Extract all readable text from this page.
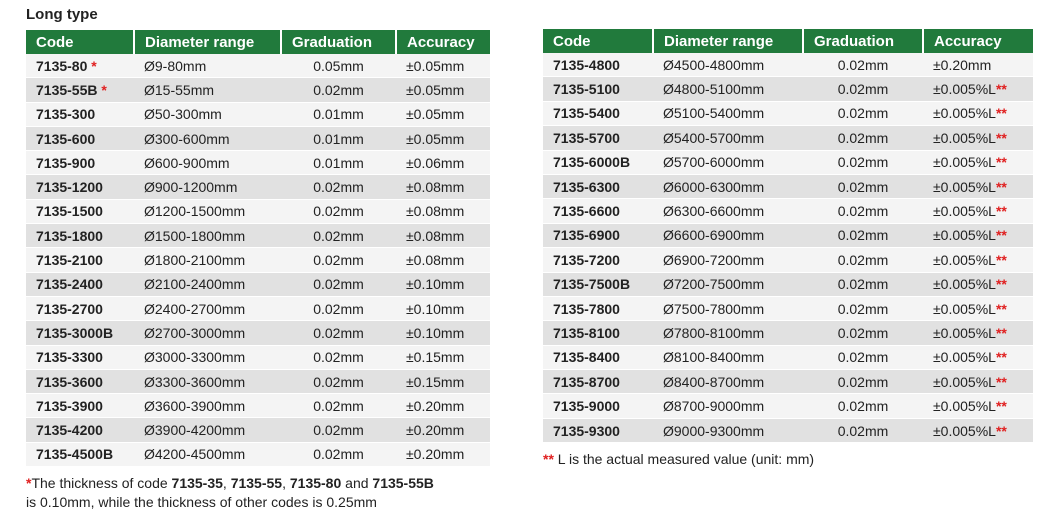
Long type
Code	Diameter range	Graduation	Accuracy
7135-80 *	Ø9-80mm	0.05mm	±0.05mm
7135-55B *	Ø15-55mm	0.02mm	±0.05mm
7135-300	Ø50-300mm	0.01mm	±0.05mm
7135-600	Ø300-600mm	0.01mm	±0.05mm
7135-900	Ø600-900mm	0.01mm	±0.06mm
7135-1200	Ø900-1200mm	0.02mm	±0.08mm
7135-1500	Ø1200-1500mm	0.02mm	±0.08mm
7135-1800	Ø1500-1800mm	0.02mm	±0.08mm
7135-2100	Ø1800-2100mm	0.02mm	±0.08mm
7135-2400	Ø2100-2400mm	0.02mm	±0.10mm
7135-2700	Ø2400-2700mm	0.02mm	±0.10mm
7135-3000B	Ø2700-3000mm	0.02mm	±0.10mm
7135-3300	Ø3000-3300mm	0.02mm	±0.15mm
7135-3600	Ø3300-3600mm	0.02mm	±0.15mm
7135-3900	Ø3600-3900mm	0.02mm	±0.20mm
7135-4200	Ø3900-4200mm	0.02mm	±0.20mm
7135-4500B	Ø4200-4500mm	0.02mm	±0.20mm
Code	Diameter range	Graduation	Accuracy
7135-4800	Ø4500-4800mm	0.02mm	±0.20mm
7135-5100	Ø4800-5100mm	0.02mm	±0.005%L**
7135-5400	Ø5100-5400mm	0.02mm	±0.005%L**
7135-5700	Ø5400-5700mm	0.02mm	±0.005%L**
7135-6000B	Ø5700-6000mm	0.02mm	±0.005%L**
7135-6300	Ø6000-6300mm	0.02mm	±0.005%L**
7135-6600	Ø6300-6600mm	0.02mm	±0.005%L**
7135-6900	Ø6600-6900mm	0.02mm	±0.005%L**
7135-7200	Ø6900-7200mm	0.02mm	±0.005%L**
7135-7500B	Ø7200-7500mm	0.02mm	±0.005%L**
7135-7800	Ø7500-7800mm	0.02mm	±0.005%L**
7135-8100	Ø7800-8100mm	0.02mm	±0.005%L**
7135-8400	Ø8100-8400mm	0.02mm	±0.005%L**
7135-8700	Ø8400-8700mm	0.02mm	±0.005%L**
7135-9000	Ø8700-9000mm	0.02mm	±0.005%L**
7135-9300	Ø9000-9300mm	0.02mm	±0.005%L**
*The thickness of code 7135-35, 7135-55, 7135-80 and 7135-55B
is 0.10mm, while the thickness of other codes is 0.25mm
** L is the actual measured value (unit: mm)
